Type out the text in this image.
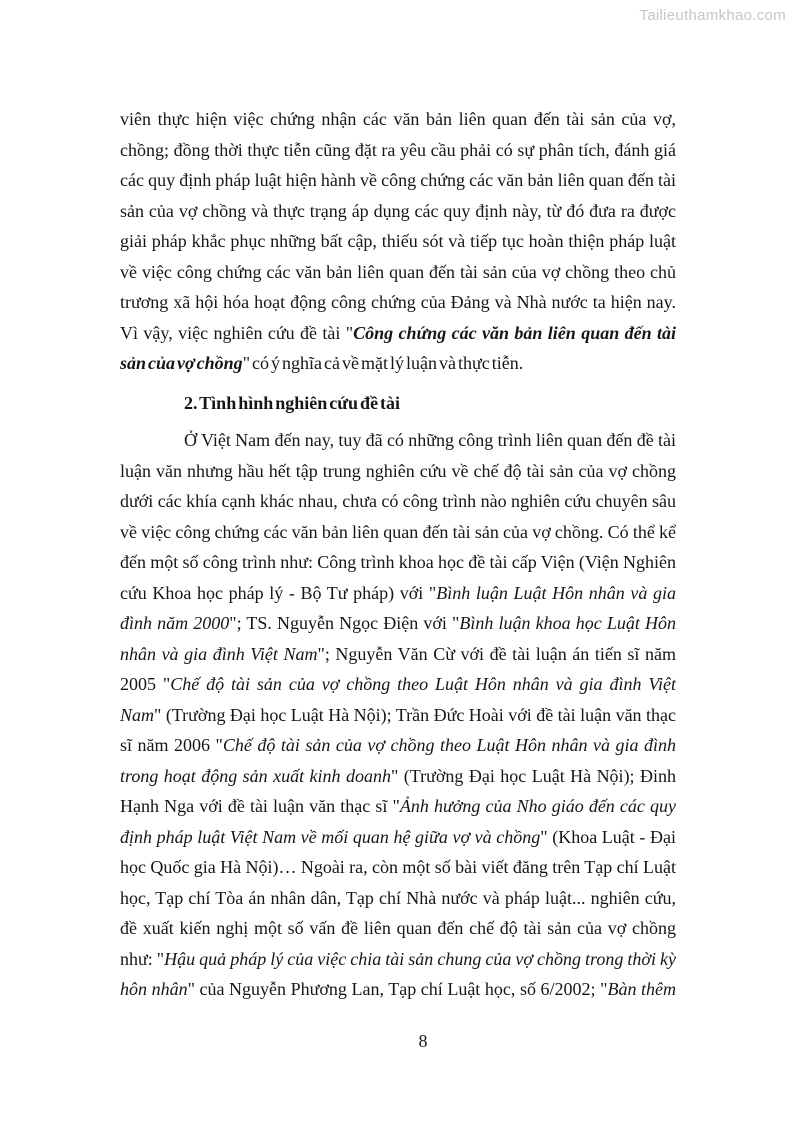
Tailieuthamkhao.com
viên thực hiện việc chứng nhận các văn bản liên quan đến tài sản của vợ,
chồng; đồng thời thực tiễn cũng đặt ra yêu cầu phải có sự phân tích, đánh giá
các quy định pháp luật hiện hành về công chứng các văn bản liên quan đến tài
sản của vợ chồng và thực trạng áp dụng các quy định này, từ đó đưa ra được
giải pháp khắc phục những bất cập, thiếu sót và tiếp tục hoàn thiện pháp luật
về việc công chứng các văn bản liên quan đến tài sản của vợ chồng theo chủ
trương xã hội hóa hoạt động công chứng của Đảng và Nhà nước ta hiện nay.
Vì vậy, việc nghiên cứu đề tài "Công chứng các văn bản liên quan đến tài
sản của vợ chồng" có ý nghĩa cả về mặt lý luận và thực tiễn.
2. Tình hình nghiên cứu đề tài
Ở Việt Nam đến nay, tuy đã có những công trình liên quan đến đề tài
luận văn nhưng hầu hết tập trung nghiên cứu về chế độ tài sản của vợ chồng
dưới các khía cạnh khác nhau, chưa có công trình nào nghiên cứu chuyên sâu
về việc công chứng các văn bản liên quan đến tài sản của vợ chồng. Có thể kể
đến một số công trình như: Công trình khoa học đề tài cấp Viện (Viện Nghiên
cứu Khoa học pháp lý - Bộ Tư pháp) với "Bình luận Luật Hôn nhân và gia
đình năm 2000"; TS. Nguyễn Ngọc Điện với "Bình luận khoa học Luật Hôn
nhân và gia đình Việt Nam"; Nguyễn Văn Cừ với đề tài luận án tiến sĩ năm
2005 "Chế độ tài sản của vợ chồng theo Luật Hôn nhân và gia đình Việt
Nam" (Trường Đại học Luật Hà Nội); Trần Đức Hoài với đề tài luận văn thạc
sĩ năm 2006 "Chế độ tài sản của vợ chồng theo Luật Hôn nhân và gia đình
trong hoạt động sản xuất kinh doanh" (Trường Đại học Luật Hà Nội); Đinh
Hạnh Nga với đề tài luận văn thạc sĩ "Ảnh hưởng của Nho giáo đến các quy
định pháp luật Việt Nam về mối quan hệ giữa vợ và chồng" (Khoa Luật - Đại
học Quốc gia Hà Nội)… Ngoài ra, còn một số bài viết đăng trên Tạp chí Luật
học, Tạp chí Tòa án nhân dân, Tạp chí Nhà nước và pháp luật... nghiên cứu,
đề xuất kiến nghị một số vấn đề liên quan đến chế độ tài sản của vợ chồng
như: "Hậu quả pháp lý của việc chia tài sản chung của vợ chồng trong thời kỳ
hôn nhân" của Nguyễn Phương Lan, Tạp chí Luật học, số 6/2002; "Bàn thêm
8
